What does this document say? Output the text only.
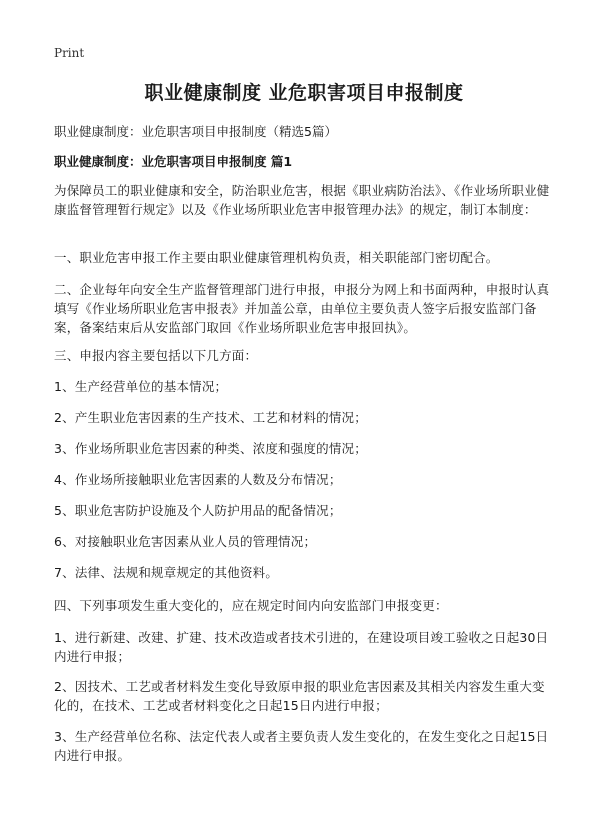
Print
职业健康制度 业危职害项目申报制度
职业健康制度：业危职害项目申报制度（精选5篇）
职业健康制度：业危职害项目申报制度 篇1
为保障员工的职业健康和安全，防治职业危害，根据《职业病防治法》、《作业场所职业健康监督管理暂行规定》以及《作业场所职业危害申报管理办法》的规定，制订本制度：
一、职业危害申报工作主要由职业健康管理机构负责，相关职能部门密切配合。
二、企业每年向安全生产监督管理部门进行申报，申报分为网上和书面两种，申报时认真填写《作业场所职业危害申报表》并加盖公章，由单位主要负责人签字后报安监部门备案，备案结束后从安监部门取回《作业场所职业危害申报回执》。
三、申报内容主要包括以下几方面：
1、生产经营单位的基本情况；
2、产生职业危害因素的生产技术、工艺和材料的情况；
3、作业场所职业危害因素的种类、浓度和强度的情况；
4、作业场所接触职业危害因素的人数及分布情况；
5、职业危害防护设施及个人防护用品的配备情况；
6、对接触职业危害因素从业人员的管理情况；
7、法律、法规和规章规定的其他资料。
四、下列事项发生重大变化的，应在规定时间内向安监部门申报变更：
1、进行新建、改建、扩建、技术改造或者技术引进的，在建设项目竣工验收之日起30日内进行申报；
2、因技术、工艺或者材料发生变化导致原申报的职业危害因素及其相关内容发生重大变化的，在技术、工艺或者材料变化之日起15日内进行申报；
3、生产经营单位名称、法定代表人或者主要负责人发生变化的，在发生变化之日起15日内进行申报。
